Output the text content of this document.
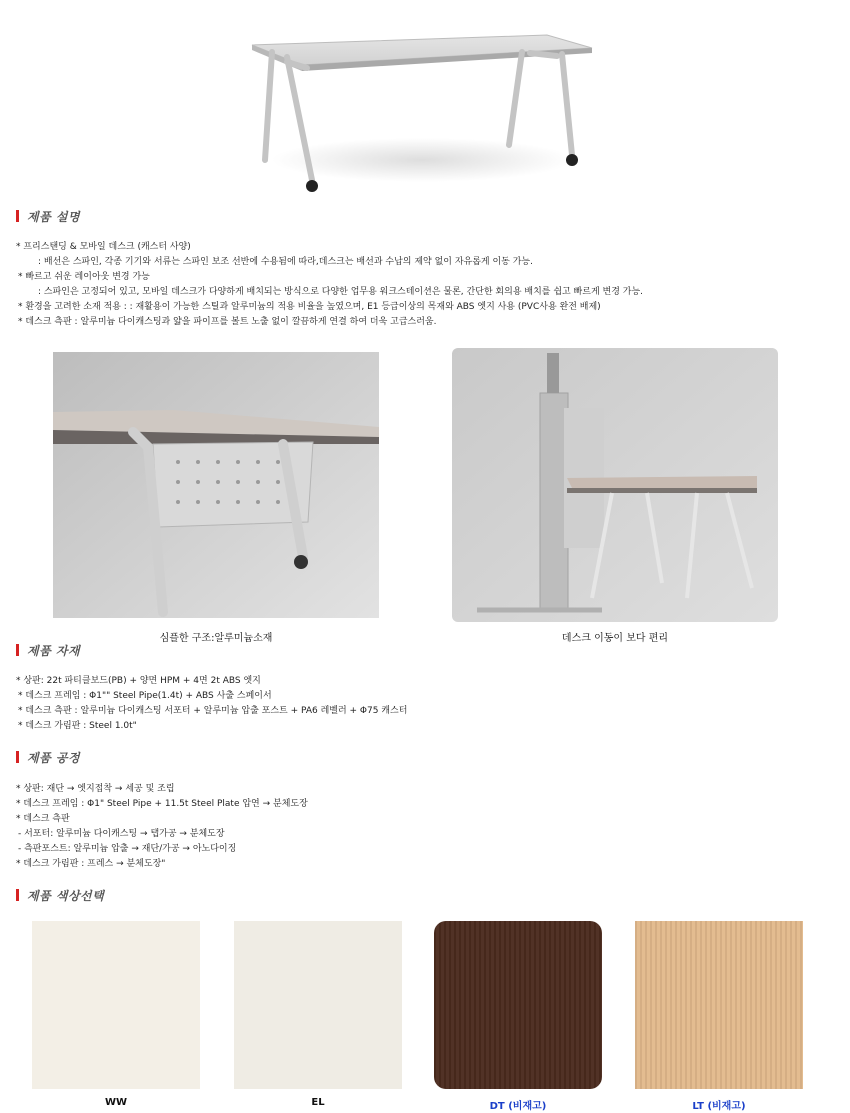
제품 설명
* 프리스탠딩 & 모바일 데스크 (캐스터 사양)
: 배선은 스파인, 각종 기기와 서류는 스파인 보조 선반에 수용됨에 따라,데스크는 배선과 수납의 제약 없이 자유롭게 이동 가능.
* 빠르고 쉬운 레이아웃 변경 가능
: 스파인은 고정되어 있고, 모바일 데스크가 다양하게 배치되는 방식으로 다양한 업무용 워크스테이션은 물론, 간단한 회의용 배치를 쉽고 빠르게 변경 가능.
* 환경을 고려한 소재 적용 : : 재활용이 가능한 스틸과 알루미늄의 적용 비율을 높였으며, E1 등급이상의 목재와 ABS 엣지 사용 (PVC사용 완전 배제)
* 데스크 측판 : 알루미늄 다이캐스팅과 얇을 파이프를 볼트 노출 없이 깔끔하게 연결 하여 더욱 고급스러움.
심플한 구조:알루미늄소재	데스크 이동이 보다 편리
제품 자재
* 상판: 22t 파티클보드(PB) + 양면 HPM + 4면 2t ABS 엣지
* 데스크 프레임 : Φ1"" Steel Pipe(1.4t) + ABS 사출 스페이서
* 데스크 측판 : 알루미늄 다이캐스팅 서포터 + 알루미늄 압출 포스트 + PA6 레벨러 + Φ75 캐스터
* 데스크 가림판 : Steel 1.0t"
제품 공정
* 상판: 재단 → 엣지접착 → 세공 및 조립
* 데스크 프레임 : Φ1" Steel Pipe + 11.5t Steel Plate 압연 → 분체도장
* 데스크 측판
- 서포터: 알루미늄 다이캐스팅 → 탭가공 → 분체도장
- 측판포스트: 알루미늄 압출 → 재단/가공 → 아노다이징
* 데스크 가림판 : 프레스 → 분체도장"
제품 색상선택
WW	EL	DT (비재고)	LT (비재고)
